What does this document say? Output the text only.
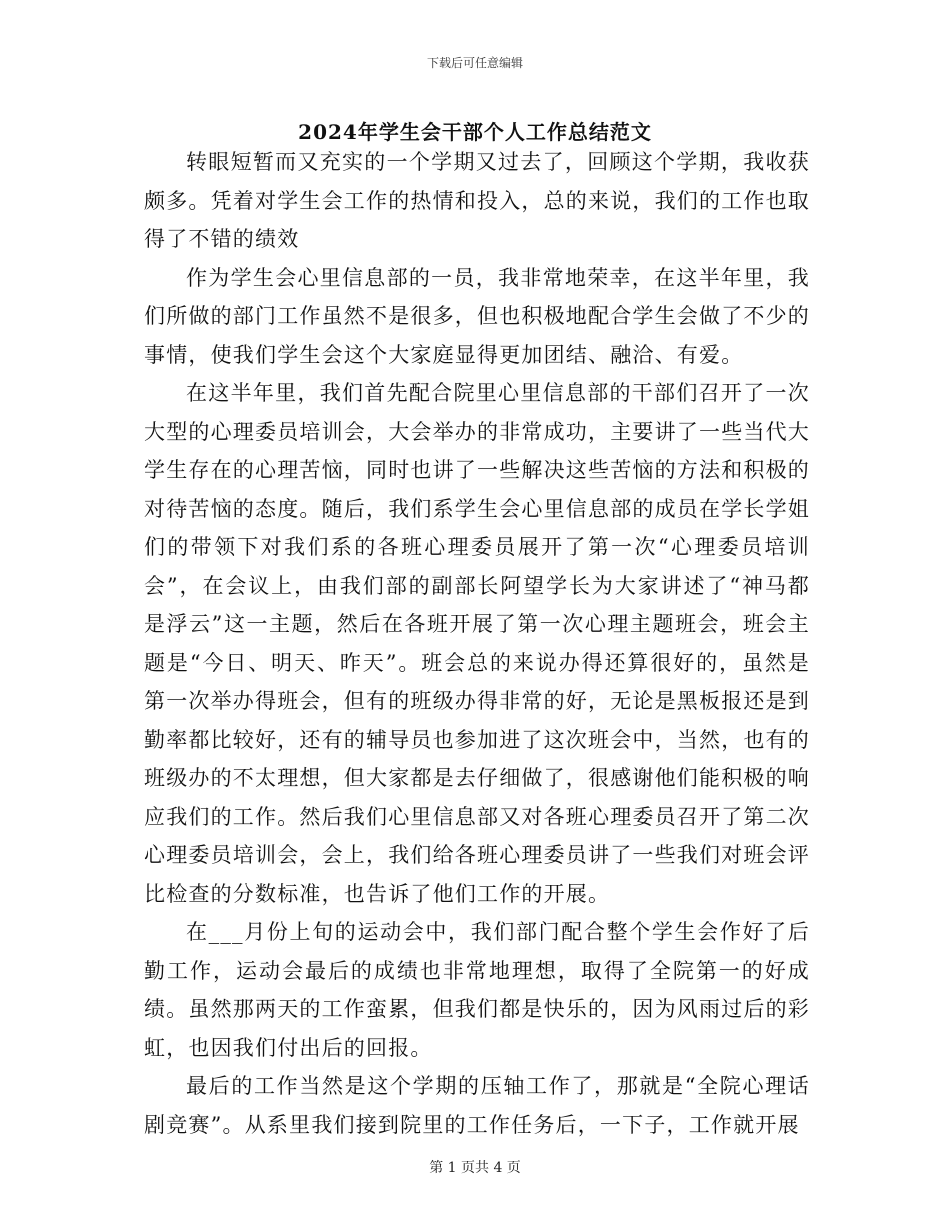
下载后可任意编辑
2024年学生会干部个人工作总结范文

转眼短暂而又充实的一个学期又过去了，回顾这个学期，我收获颇多。凭着对学生会工作的热情和投入，总的来说，我们的工作也取得了不错的绩效

作为学生会心里信息部的一员，我非常地荣幸，在这半年里，我们所做的部门工作虽然不是很多，但也积极地配合学生会做了不少的事情，使我们学生会这个大家庭显得更加团结、融洽、有爱。

在这半年里，我们首先配合院里心里信息部的干部们召开了一次大型的心理委员培训会，大会举办的非常成功，主要讲了一些当代大学生存在的心理苦恼，同时也讲了一些解决这些苦恼的方法和积极的对待苦恼的态度。随后，我们系学生会心里信息部的成员在学长学姐们的带领下对我们系的各班心理委员展开了第一次“心理委员培训会”，在会议上，由我们部的副部长阿望学长为大家讲述了“神马都是浮云”这一主题，然后在各班开展了第一次心理主题班会，班会主题是“今日、明天、昨天”。班会总的来说办得还算很好的，虽然是第一次举办得班会，但有的班级办得非常的好，无论是黑板报还是到勤率都比较好，还有的辅导员也参加进了这次班会中，当然，也有的班级办的不太理想，但大家都是去仔细做了，很感谢他们能积极的响应我们的工作。然后我们心里信息部又对各班心理委员召开了第二次心理委员培训会，会上，我们给各班心理委员讲了一些我们对班会评比检查的分数标准，也告诉了他们工作的开展。

在___月份上旬的运动会中，我们部门配合整个学生会作好了后勤工作，运动会最后的成绩也非常地理想，取得了全院第一的好成绩。虽然那两天的工作蛮累，但我们都是快乐的，因为风雨过后的彩虹，也因我们付出后的回报。

最后的工作当然是这个学期的压轴工作了，那就是“全院心理话剧竞赛”。从系里我们接到院里的工作任务后，一下子，工作就开展

第 1 页共 4 页
